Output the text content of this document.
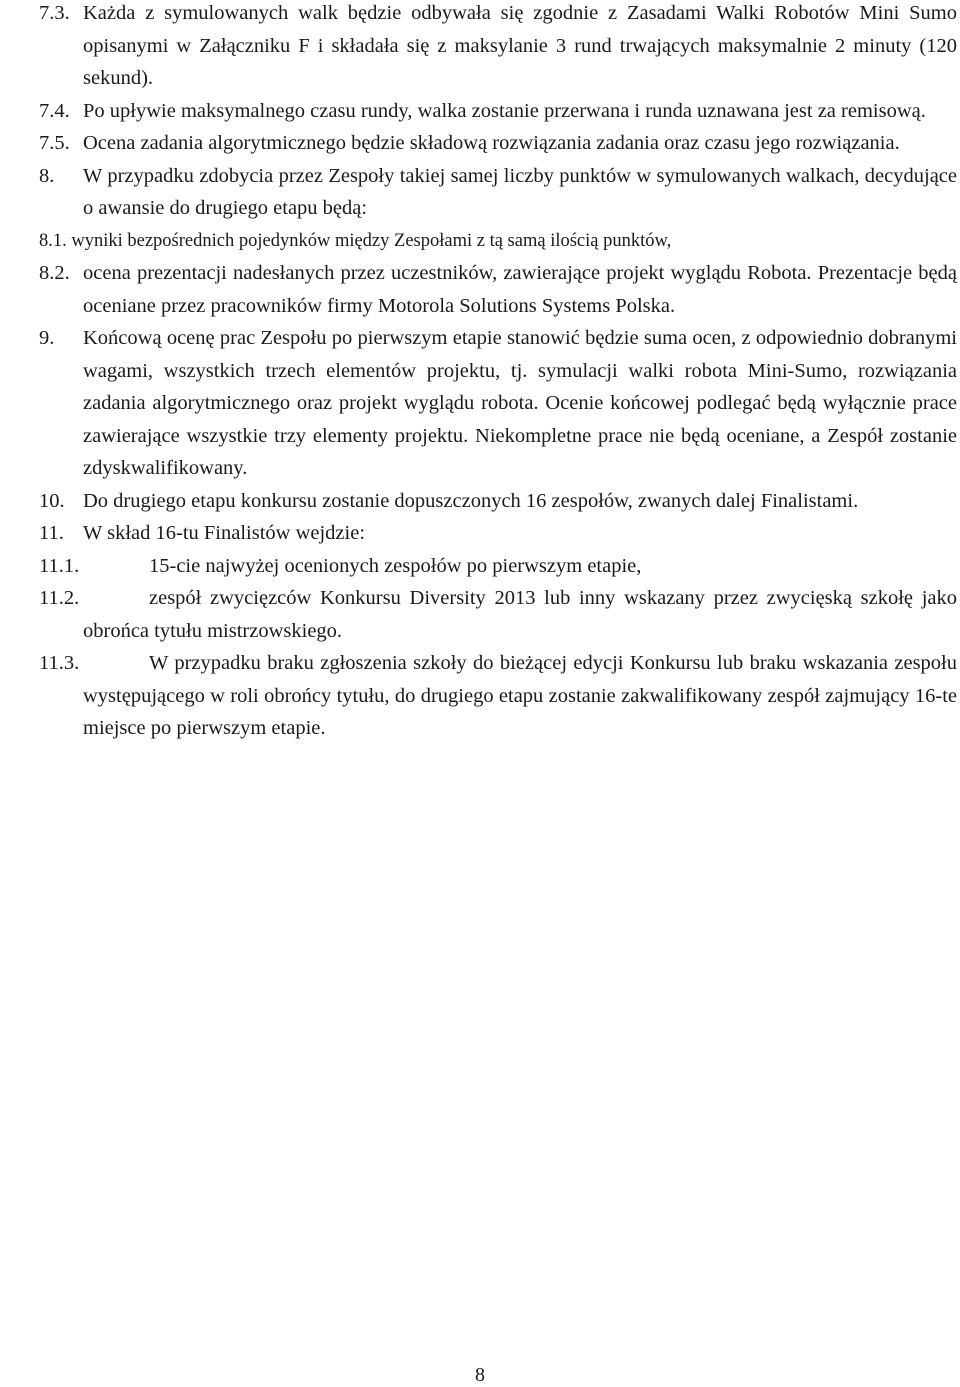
7.3. Każda z symulowanych walk będzie odbywała się zgodnie z Zasadami Walki Robotów Mini Sumo opisanymi w Załączniku F i składała się z maksylanie 3 rund trwających maksymalnie 2 minuty (120 sekund).
7.4. Po upływie maksymalnego czasu rundy, walka zostanie przerwana i runda uznawana jest za remisową.
7.5. Ocena zadania algorytmicznego będzie składową rozwiązania zadania oraz czasu jego rozwiązania.
8. W przypadku zdobycia przez Zespoły takiej samej liczby punktów w symulowanych walkach, decydujące o awansie do drugiego etapu będą:
8.1. wyniki bezpośrednich pojedynków między Zespołami z tą samą ilością punktów,
8.2. ocena prezentacji nadesłanych przez uczestników, zawierające projekt wyglądu Robota. Prezentacje będą oceniane przez pracowników firmy Motorola Solutions Systems Polska.
9. Końcową ocenę prac Zespołu po pierwszym etapie stanowić będzie suma ocen, z odpowiednio dobranymi wagami, wszystkich trzech elementów projektu, tj. symulacji walki robota Mini-Sumo, rozwiązania zadania algorytmicznego oraz projekt wyglądu robota. Ocenie końcowej podlegać będą wyłącznie prace zawierające wszystkie trzy elementy projektu. Niekompletne prace nie będą oceniane, a Zespół zostanie zdyskwalifikowany.
10. Do drugiego etapu konkursu zostanie dopuszczonych 16 zespołów, zwanych dalej Finalistami.
11. W skład 16-tu Finalistów wejdzie:
11.1.	15-cie najwyżej ocenionych zespołów po pierwszym etapie,
11.2.	zespół zwycięzców Konkursu Diversity 2013 lub inny wskazany przez zwycięską szkołę jako obrońca tytułu mistrzowskiego.
11.3.	W przypadku braku zgłoszenia szkoły do bieżącej edycji Konkursu lub braku wskazania zespołu występującego w roli obrońcy tytułu, do drugiego etapu zostanie zakwalifikowany zespół zajmujący 16-te miejsce po pierwszym etapie.
8
